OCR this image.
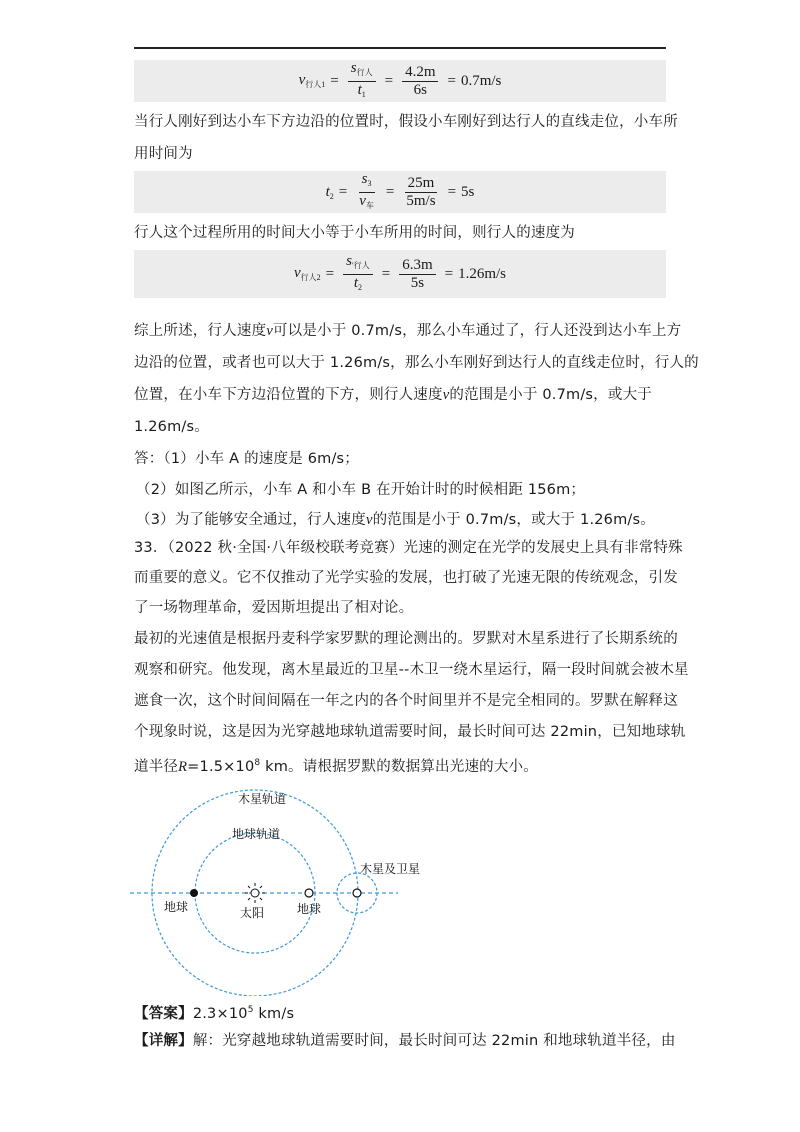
$v_{行人1} = \frac{s_{行人}}{t_1} = \frac{4.2m}{6s} = 0.7m/s$
当行人刚好到达小车下方边沿的位置时，假设小车刚好到达行人的直线走位，小车所
用时间为
$t_2 = \frac{s_3}{v_车} = \frac{25m}{5m/s} = 5s$
行人这个过程所用的时间大小等于小车所用的时间，则行人的速度为
$v_{行人2} = \frac{s_{'行人}}{t_2} = \frac{6.3m}{5s} = 1.26m/s$
综上所述，行人速度v可以是小于 0.7m/s，那么小车通过了，行人还没到达小车上方
边沿的位置，或者也可以大于 1.26m/s，那么小车刚好到达行人的直线走位时，行人的
位置，在小车下方边沿位置的下方，则行人速度v的范围是小于 0.7m/s，或大于
1.26m/s。
答：（1）小车 A 的速度是 6m/s；
（2）如图乙所示，小车 A 和小车 B 在开始计时的时候相距 156m；
（3）为了能够安全通过，行人速度v的范围是小于 0.7m/s，或大于 1.26m/s。
33．（2022 秋·全国·八年级校联考竞赛）光速的测定在光学的发展史上具有非常特殊
而重要的意义。它不仅推动了光学实验的发展，也打破了光速无限的传统观念，引发
了一场物理革命，爱因斯坦提出了相对论。
最初的光速值是根据丹麦科学家罗默的理论测出的。罗默对木星系进行了长期系统的
观察和研究。他发现，离木星最近的卫星--木卫一绕木星运行，隔一段时间就会被木星
遮食一次，这个时间间隔在一年之内的各个时间里并不是完全相同的。罗默在解释这
个现象时说，这是因为光穿越地球轨道需要时间，最长时间可达 22min，已知地球轨
道半径$R=1.5\times 10^8$ km。请根据罗默的数据算出光速的大小。
木星轨道
地球轨道
木星及卫星
地球	太阳	地球
【答案】$2.3\times 10^5$ km/s
【详解】解：光穿越地球轨道需要时间，最长时间可达 22min 和地球轨道半径，由
